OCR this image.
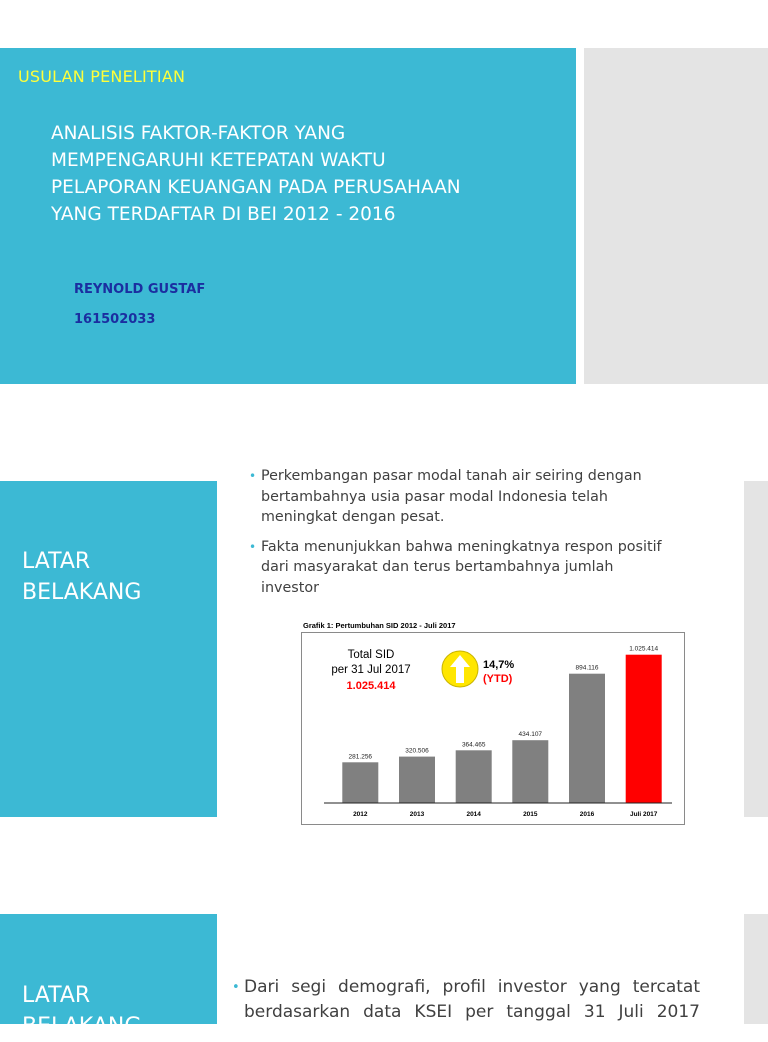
USULAN PENELITIAN
ANALISIS FAKTOR-FAKTOR YANG
MEMPENGARUHI KETEPATAN WAKTU
PELAPORAN KEUANGAN PADA PERUSAHAAN
YANG TERDAFTAR DI BEI 2012 - 2016
REYNOLD GUSTAF
161502033
LATAR
BELAKANG
• Perkembangan pasar modal tanah air seiring dengan
bertambahnya usia pasar modal Indonesia telah
meningkat dengan pesat.
• Fakta menunjukkan bahwa meningkatnya respon positif
dari masyarakat dan terus bertambahnya jumlah
investor
Grafik 1: Pertumbuhan SID 2012 - Juli 2017
281.256
2012
320.506
2013
364.465
2014
434.107
2015
894.116
2016
1.025.414
Juli 2017
Total SID
per 31 Jul 2017
1.025.414
14,7%
(YTD)
LATAR
BELAKANG
• Dari segi demografi, profil investor yang tercatat
berdasarkan data KSEI per tanggal 31 Juli 2017
